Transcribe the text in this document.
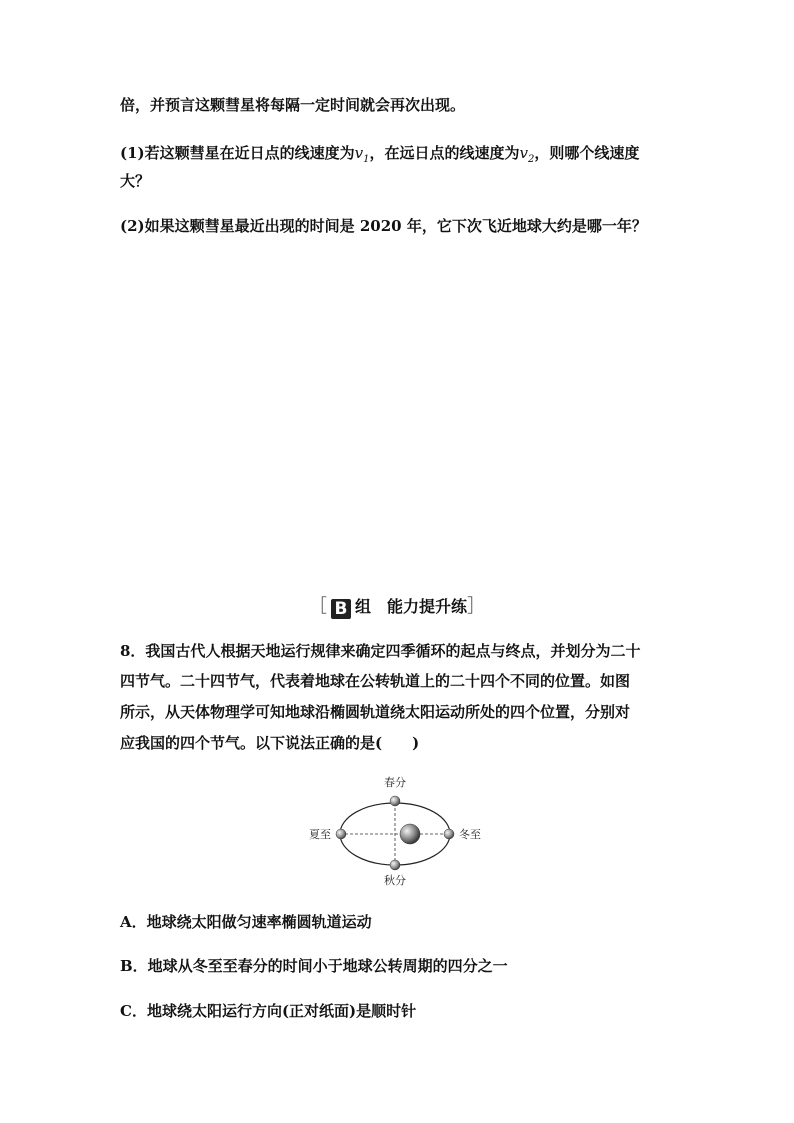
倍，并预言这颗彗星将每隔一定时间就会再次出现。
(1)若这颗彗星在近日点的线速度为$v_1$，在远日点的线速度为$v_2$，则哪个线速度
大？
(2)如果这颗彗星最近出现的时间是 2020 年，它下次飞近地球大约是哪一年？
［ B 组　能力提升练］
8．我国古代人根据天地运行规律来确定四季循环的起点与终点，并划分为二十
四节气。二十四节气，代表着地球在公转轨道上的二十四个不同的位置。如图
所示，从天体物理学可知地球沿椭圆轨道绕太阳运动所处的四个位置，分别对
应我国的四个节气。以下说法正确的是(　　)
春分
秋分
夏至	冬至
A．地球绕太阳做匀速率椭圆轨道运动
B．地球从冬至至春分的时间小于地球公转周期的四分之一
C．地球绕太阳运行方向(正对纸面)是顺时针
